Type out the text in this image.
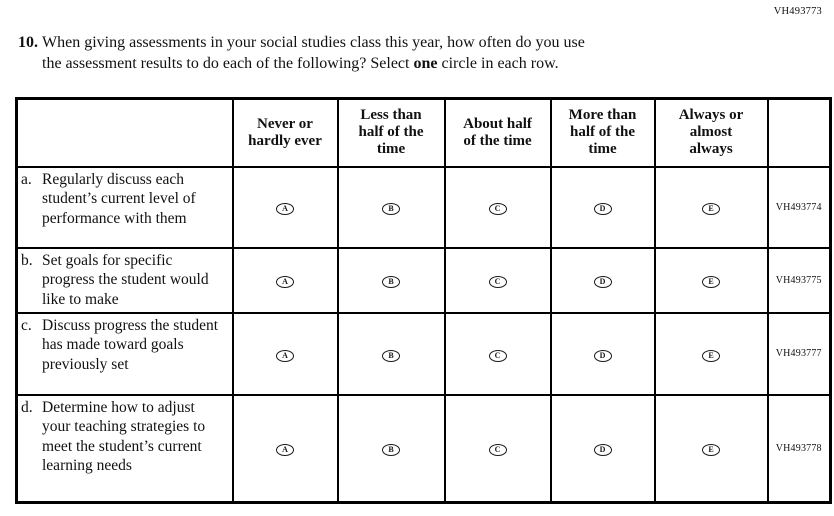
VH493773
10. When giving assessments in your social studies class this year, how often do you use
the assessment results to do each of the following? Select one circle in each row.

Never or
hardly ever

Less than
half of the
time

About half
of the time

More than
half of the
time

Always or
almost
always

a. Regularly discuss each student’s current level of performance with them	A	B	C	D	E	VH493774

b. Set goals for specific progress the student would like to make	A	B	C	D	E	VH493775

c. Discuss progress the student has made toward goals previously set	A	B	C	D	E	VH493777

d. Determine how to adjust your teaching strategies to meet the student’s current learning needs	A	B	C	D	E	VH493778
